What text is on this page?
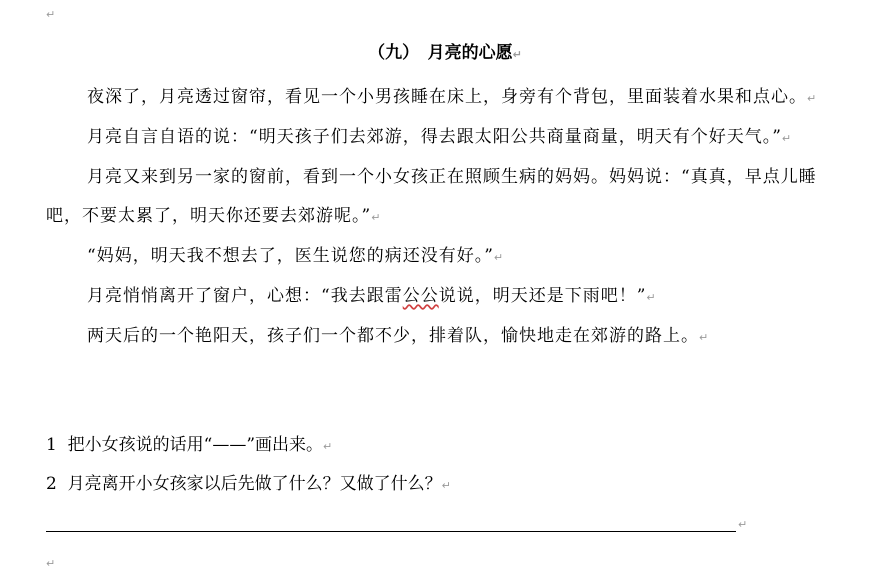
↵
（九）　月亮的心愿↵

夜深了，月亮透过窗帘，看见一个小男孩睡在床上，身旁有个背包，里面装着水果和点心。↵

月亮自言自语的说：“明天孩子们去郊游，得去跟太阳公共商量商量，明天有个好天气。”↵

月亮又来到另一家的窗前，看到一个小女孩正在照顾生病的妈妈。妈妈说：“真真，早点儿睡吧，不要太累了，明天你还要去郊游呢。”↵

“妈妈，明天我不想去了，医生说您的病还没有好。”↵

月亮悄悄离开了窗户，心想：“我去跟雷公公说说，明天还是下雨吧！”↵

两天后的一个艳阳天，孩子们一个都不少，排着队，愉快地走在郊游的路上。↵

1  把小女孩说的话用“——”画出来。↵
2  月亮离开小女孩家以后先做了什么？又做了什么？↵
↵
↵
